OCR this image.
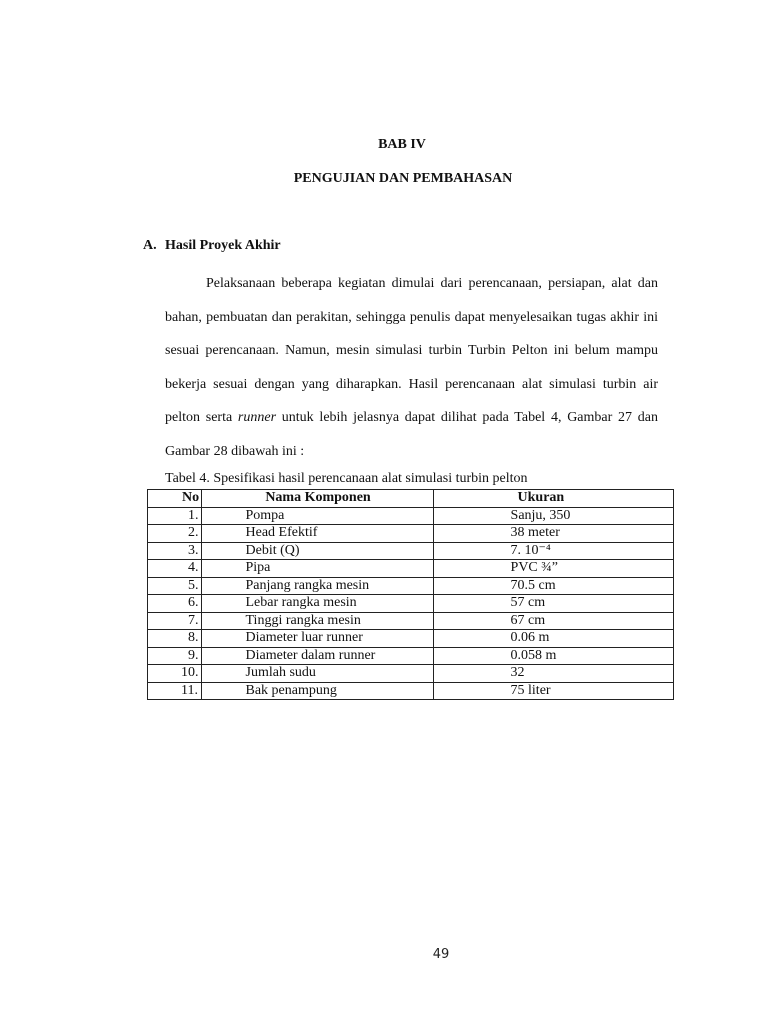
BAB IV
PENGUJIAN DAN PEMBAHASAN
A. Hasil Proyek Akhir

Pelaksanaan beberapa kegiatan dimulai dari perencanaan, persiapan, alat dan bahan, pembuatan dan perakitan, sehingga penulis dapat menyelesaikan tugas akhir ini sesuai perencanaan. Namun, mesin simulasi turbin Turbin Pelton ini belum mampu bekerja sesuai dengan yang diharapkan. Hasil perencanaan alat simulasi turbin air pelton serta runner untuk lebih jelasnya dapat dilihat pada Tabel 4, Gambar 27 dan Gambar 28 dibawah ini :

Tabel 4. Spesifikasi hasil perencanaan alat simulasi turbin pelton
No	Nama Komponen	Ukuran
1.	Pompa	Sanju, 350
2.	Head Efektif	38 meter
3.	Debit (Q)	7. 10⁻⁴
4.	Pipa	PVC ¾”
5.	Panjang rangka mesin	70.5 cm
6.	Lebar rangka mesin	57 cm
7.	Tinggi rangka mesin	67 cm
8.	Diameter luar runner	0.06 m
9.	Diameter dalam runner	0.058 m
10.	Jumlah sudu	32
11.	Bak penampung	75 liter
49
